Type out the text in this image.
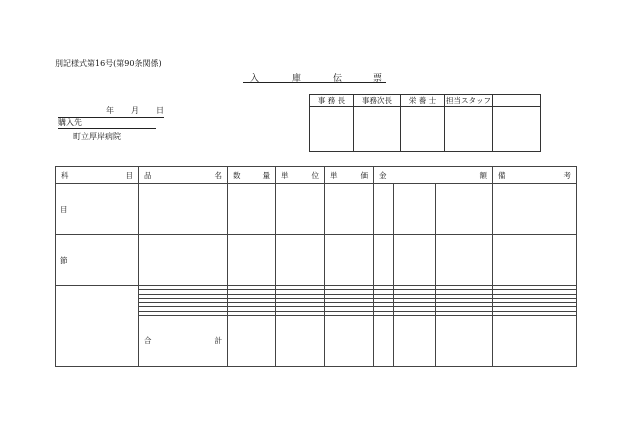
別記様式第16号(第90条関係)
入	庫	伝	票
年 月 日
購入先
町立厚岸病院
事 務 長	事務次長	栄 養 士	担当スタッフ	

科 目	品 名	数 量	単 位	単 価	金 額			備 考

目								
節								

	合 計							
